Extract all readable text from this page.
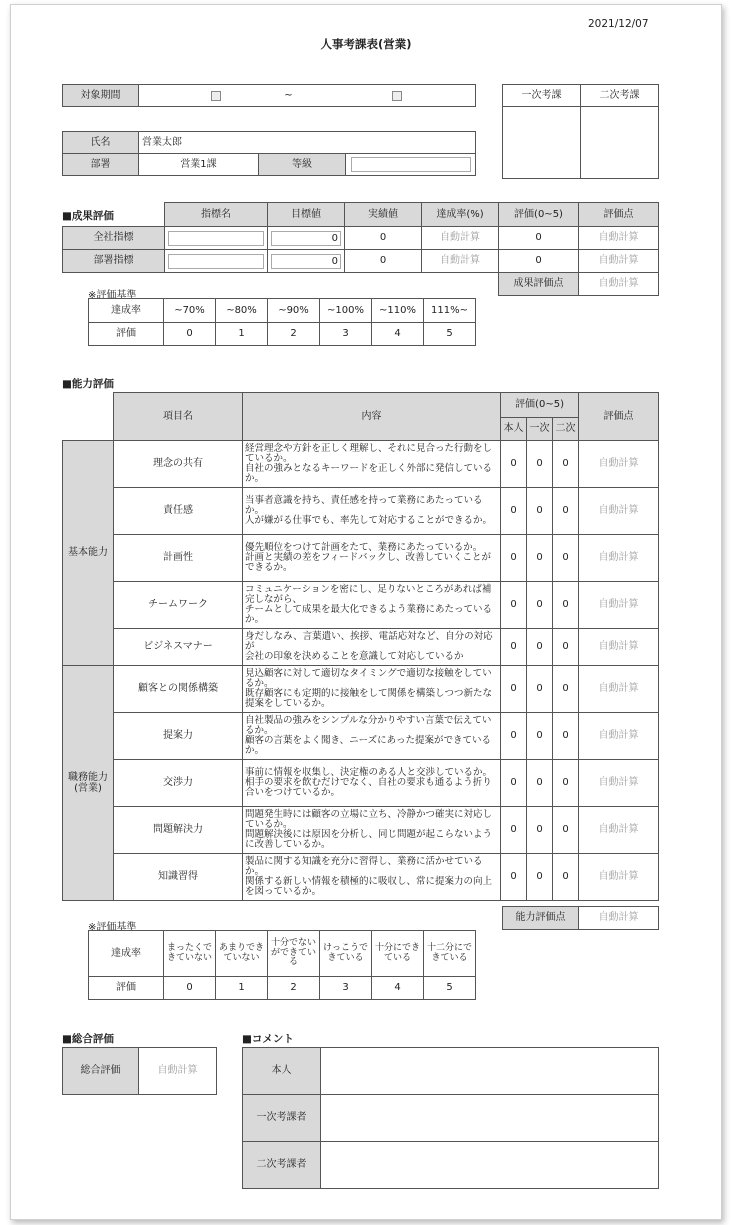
2021/12/07
人事考課表(営業)
対象期間		~		一次考課	二次考課

氏名	営業太郎		
部署	営業1課	等級	
■成果評価
		指標名	目標値	実績値	達成率(%)	評価(0~5)	評価点
全社指標		0	0	自動計算	0	自動計算
部署指標		0	0	自動計算	0	自動計算
					成果評価点	自動計算
※評価基準
達成率	~70%	~80%	~90%	~100%	~110%	111%~
評価	0	1	2	3	4	5
■能力評価
	項目名	内容	評価(0~5)			評価点
			本人	一次	二次	
基本能力	理念の共有	経営理念や方針を正しく理解し、それに見合った行動をしているか。
自社の強みとなるキーワードを正しく外部に発信しているか。	0	0	0	自動計算
	責任感	当事者意識を持ち、責任感を持って業務にあたっているか。
人が嫌がる仕事でも、率先して対応することができるか。	0	0	0	自動計算
	計画性	優先順位をつけて計画をたて、業務にあたっているか。
計画と実績の差をフィードバックし、改善していくことができるか。	0	0	0	自動計算
	チームワーク	コミュニケーションを密にし、足りないところがあれば補完しながら、
チームとして成果を最大化できるよう業務にあたっているか。	0	0	0	自動計算
	ビジネスマナー	身だしなみ、言葉遣い、挨拶、電話応対など、自分の対応が
会社の印象を決めることを意識して対応しているか	0	0	0	自動計算
職務能力
(営業)	顧客との関係構築	見込顧客に対して適切なタイミングで適切な接触をしているか。
既存顧客にも定期的に接触をして関係を構築しつつ新たな提案をしているか。	0	0	0	自動計算
	提案力	自社製品の強みをシンプルな分かりやすい言葉で伝えているか。
顧客の言葉をよく聞き、ニーズにあった提案ができているか。	0	0	0	自動計算
	交渉力	事前に情報を収集し、決定権のある人と交渉しているか。
相手の要求を飲むだけでなく、自社の要求も通るよう折り合いをつけているか。	0	0	0	自動計算
	問題解決力	問題発生時には顧客の立場に立ち、冷静かつ確実に対応しているか。
問題解決後には原因を分析し、同じ問題が起こらないように改善しているか。	0	0	0	自動計算
	知識習得	製品に関する知識を充分に習得し、業務に活かせているか。
関係する新しい情報を積極的に吸収し、常に提案力の向上を図っているか。	0	0	0	自動計算

能力評価点	自動計算
※評価基準
達成率	まったくできていない	あまりできていない	十分でないができている	けっこうできている	十分にできている	十二分にできている
評価	0	1	2	3	4	5
■総合評価
総合評価	自動計算
■コメント
本人	
一次考課者	
二次考課者	
